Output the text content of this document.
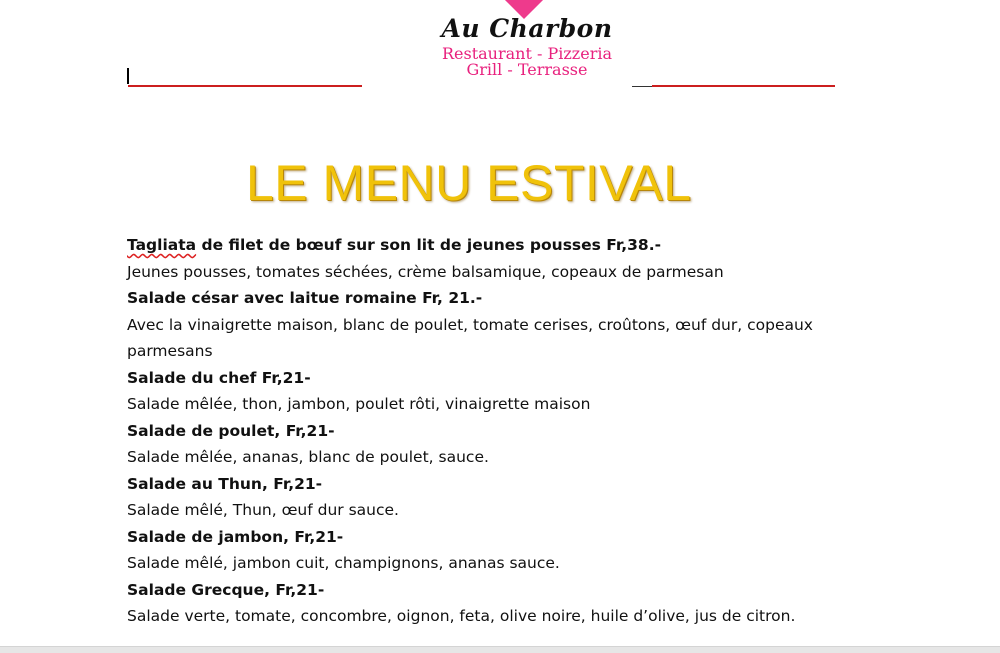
Au Charbon
Restaurant - Pizzeria
Grill - Terrasse
LE MENU ESTIVAL

Tagliata de filet de bœuf sur son lit de jeunes pousses Fr,38.-

Jeunes pousses, tomates séchées, crème balsamique, copeaux de parmesan

Salade césar avec laitue romaine Fr, 21.-

Avec la vinaigrette maison, blanc de poulet, tomate cerises, croûtons, œuf dur, copeaux parmesans

Salade du chef Fr,21-

Salade mêlée, thon, jambon, poulet rôti, vinaigrette maison

Salade de poulet, Fr,21-

Salade mêlée, ananas, blanc de poulet, sauce.

Salade au Thun, Fr,21-

Salade mêlé, Thun, œuf dur sauce.

Salade de jambon, Fr,21-

Salade mêlé, jambon cuit, champignons, ananas sauce.

Salade Grecque, Fr,21-

Salade verte, tomate, concombre, oignon, feta, olive noire, huile d’olive, jus de citron.
